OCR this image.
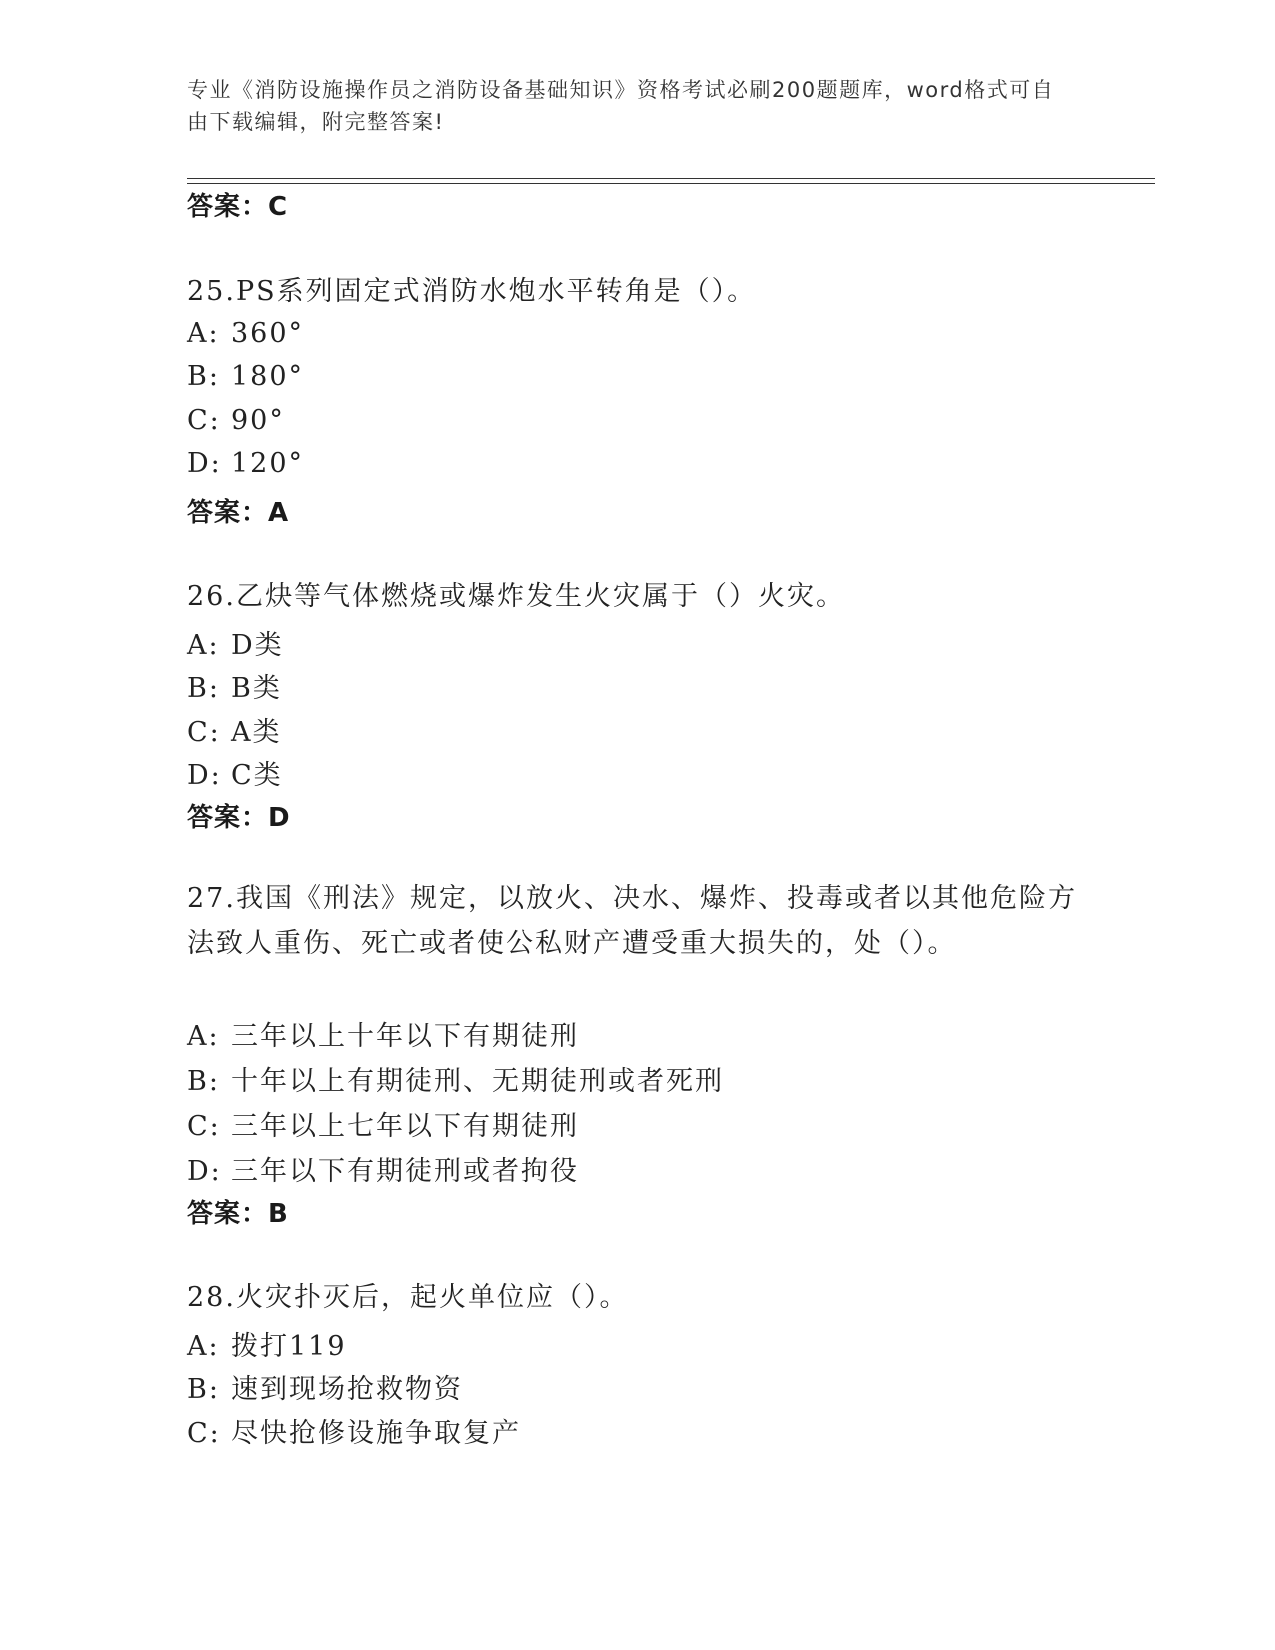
专业《消防设施操作员之消防设备基础知识》资格考试必刷200题题库，word格式可自由下载编辑，附完整答案!
答案：C
25.PS系列固定式消防水炮水平转角是（）。
A: 360°
B: 180°
C: 90°
D: 120°
答案：A
26.乙炔等气体燃烧或爆炸发生火灾属于（）火灾。
A: D类
B: B类
C: A类
D: C类
答案：D
27.我国《刑法》规定，以放火、决水、爆炸、投毒或者以其他危险方法致人重伤、死亡或者使公私财产遭受重大损失的，处（）。
A: 三年以上十年以下有期徒刑
B: 十年以上有期徒刑、无期徒刑或者死刑
C: 三年以上七年以下有期徒刑
D: 三年以下有期徒刑或者拘役
答案：B
28.火灾扑灭后，起火单位应（）。
A: 拨打119
B: 速到现场抢救物资
C: 尽快抢修设施争取复产
